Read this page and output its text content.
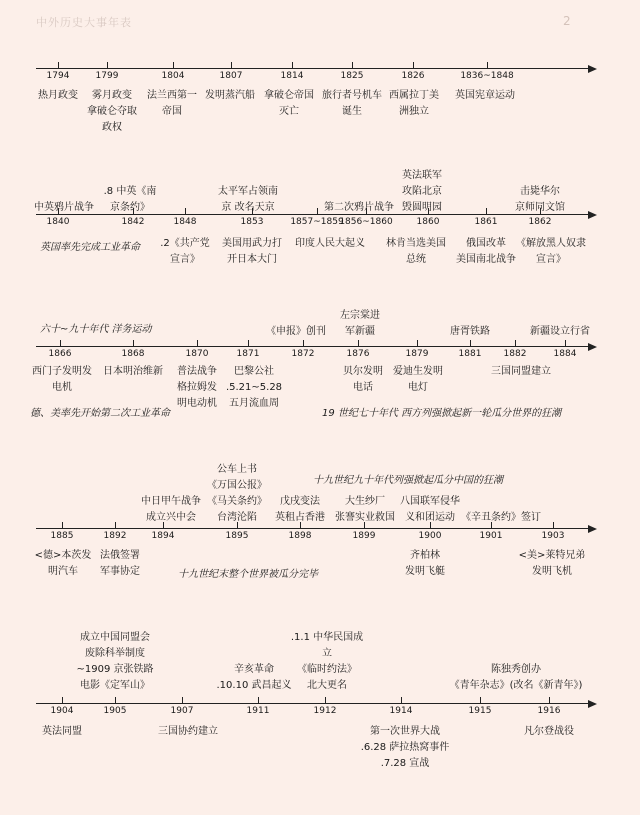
中外历史大事年表	2
1794	1799	1804	1807	1814	1825	1826	1836~1848
热月政变	雾月政变
拿破仑夺取
政权
法兰西第一
帝国
发明蒸汽船 拿破仑帝国
灭亡
旅行者号机车
诞生
西属拉丁美
洲独立
英国宪章运动
1840	1842	1848	1853	1857~1859
1856~1860	1860	1861	1862
中英鸦片战争
.8 中英《南
京条约》
太平军占领南
京 改名天京	第二次鸦片战争
英法联军
攻陷北京
毁圆明园
击毙华尔
京师同文馆
.2《共产党
宣言》
美国用武力打
开日本大门
印度人民大起义 林肯当选美国
总统
俄国改革
美国南北战争
《解放黑人奴隶
宣言》
英国率先完成工业革命
1866	1868	1870	1871	1872	1876	1879	1881 1882	1884
《申报》创刊
左宗棠进
军新疆	唐胥铁路	新疆设立行省
西门子发明发
电机
日本明治维新 普法战争
格拉姆发
明电动机
巴黎公社
.5.21~5.28
五月流血周
贝尔发明
电话
爱迪生发明
电灯
三国同盟建立
六十~九十年代 洋务运动
德、美率先开始第二次工业革命	19 世纪七十年代 西方列强掀起新一轮瓜分世界的狂潮
1885	1892	1894	1895	1898	1899	1900	1901	1903
中日甲午战争
成立兴中会
公车上书
《万国公报》
《马关条约》
台湾沦陷
戊戌变法
英租占香港
大生纱厂
张謇实业救国
八国联军侵华
义和团运动 《辛丑条约》签订
<德>本茨发
明汽车
法俄签署
军事协定
齐柏林
发明飞艇
<美>莱特兄弟
发明飞机
十九世纪九十年代列强掀起瓜分中国的狂潮
十九世纪末整个世界被瓜分完毕
1904	1905	1907	1911	1912	1914	1915	1916
成立中国同盟会
废除科举制度
~1909 京张铁路
电影《定军山》
辛亥革命
.10.10 武昌起义
.1.1 中华民国成
立
《临时约法》
北大更名
陈独秀创办
《青年杂志》(改名《新青年》)
英法同盟	三国协约建立	第一次世界大战
.6.28 萨拉热窝事件
.7.28 宣战
凡尔登战役
